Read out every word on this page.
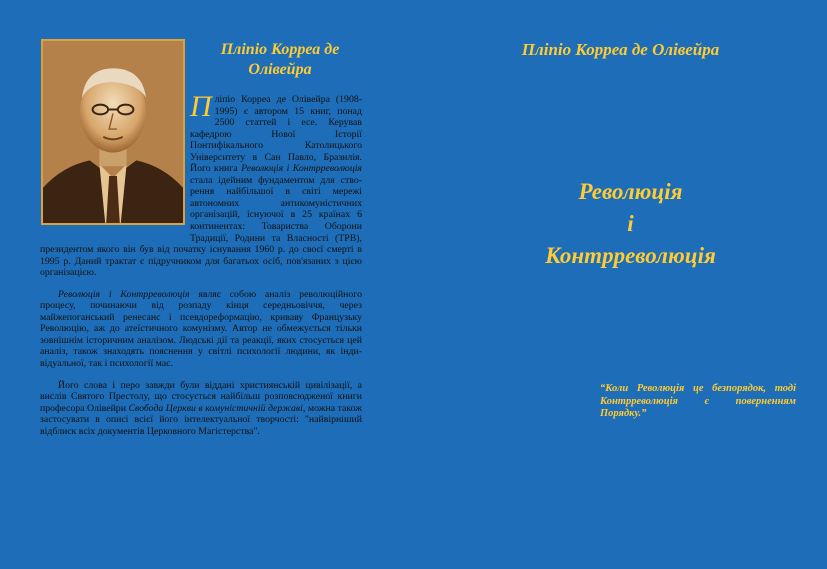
Пліпіо Корреа де Олівейра

Пліпіо Корреа де Олівейра (1908-1995) є автором 15 книг, понад 2500 статтей і есе. Керував кафедрою Нової Історії Понтифікального Католицького Університету в Сан Павло, Бразилія. Його книга Революція і Контрреволюція стала ідейним фундаментом для створення найбільшої в світі мережі автономних антикомуністичних організацій, існуючої в 25 країнах 6 континентах: Товариства Оборони Традиції, Родини та Власності (ТРВ), президентом якого він був від початку існування 1960 р. до своєї смерті в 1995 р. Даний трактат є підручником для багатьох осіб, пов'язаних з цією організацією.

Революція і Контрреволюція являє собою аналіз революційного процесу, починаючи від розпаду кінця середньовіччя, через майжепоганський ренесанс і псевдореформацію, криваву Французьку Революцію, аж до атеїстичного комунізму. Автор не обмежується тільки зовнішнім історичним аналізом. Людські дії та реакції, яких стосується цей аналіз, також знаходять пояснення у світлі психології людини, як індивідуальної, так і психології мас.

Його слова і перо завжди були віддані християнській цивілізації, а вислів Святого Престолу, що стосується найбільш розповсюдженої книги професора Олівейри Свобода Церкви в комуністичній державі, можна також застосувати в описі всієї його інтелектуальної творчості: "найвірніший відблиск всіх документів Церковного Магістерства".

Пліпіо Корреа де Олівейра
Революція
і
Контрреволюція
“Коли Революція це безпорядок, тоді Контрреволюція є поверненням Порядку.”
